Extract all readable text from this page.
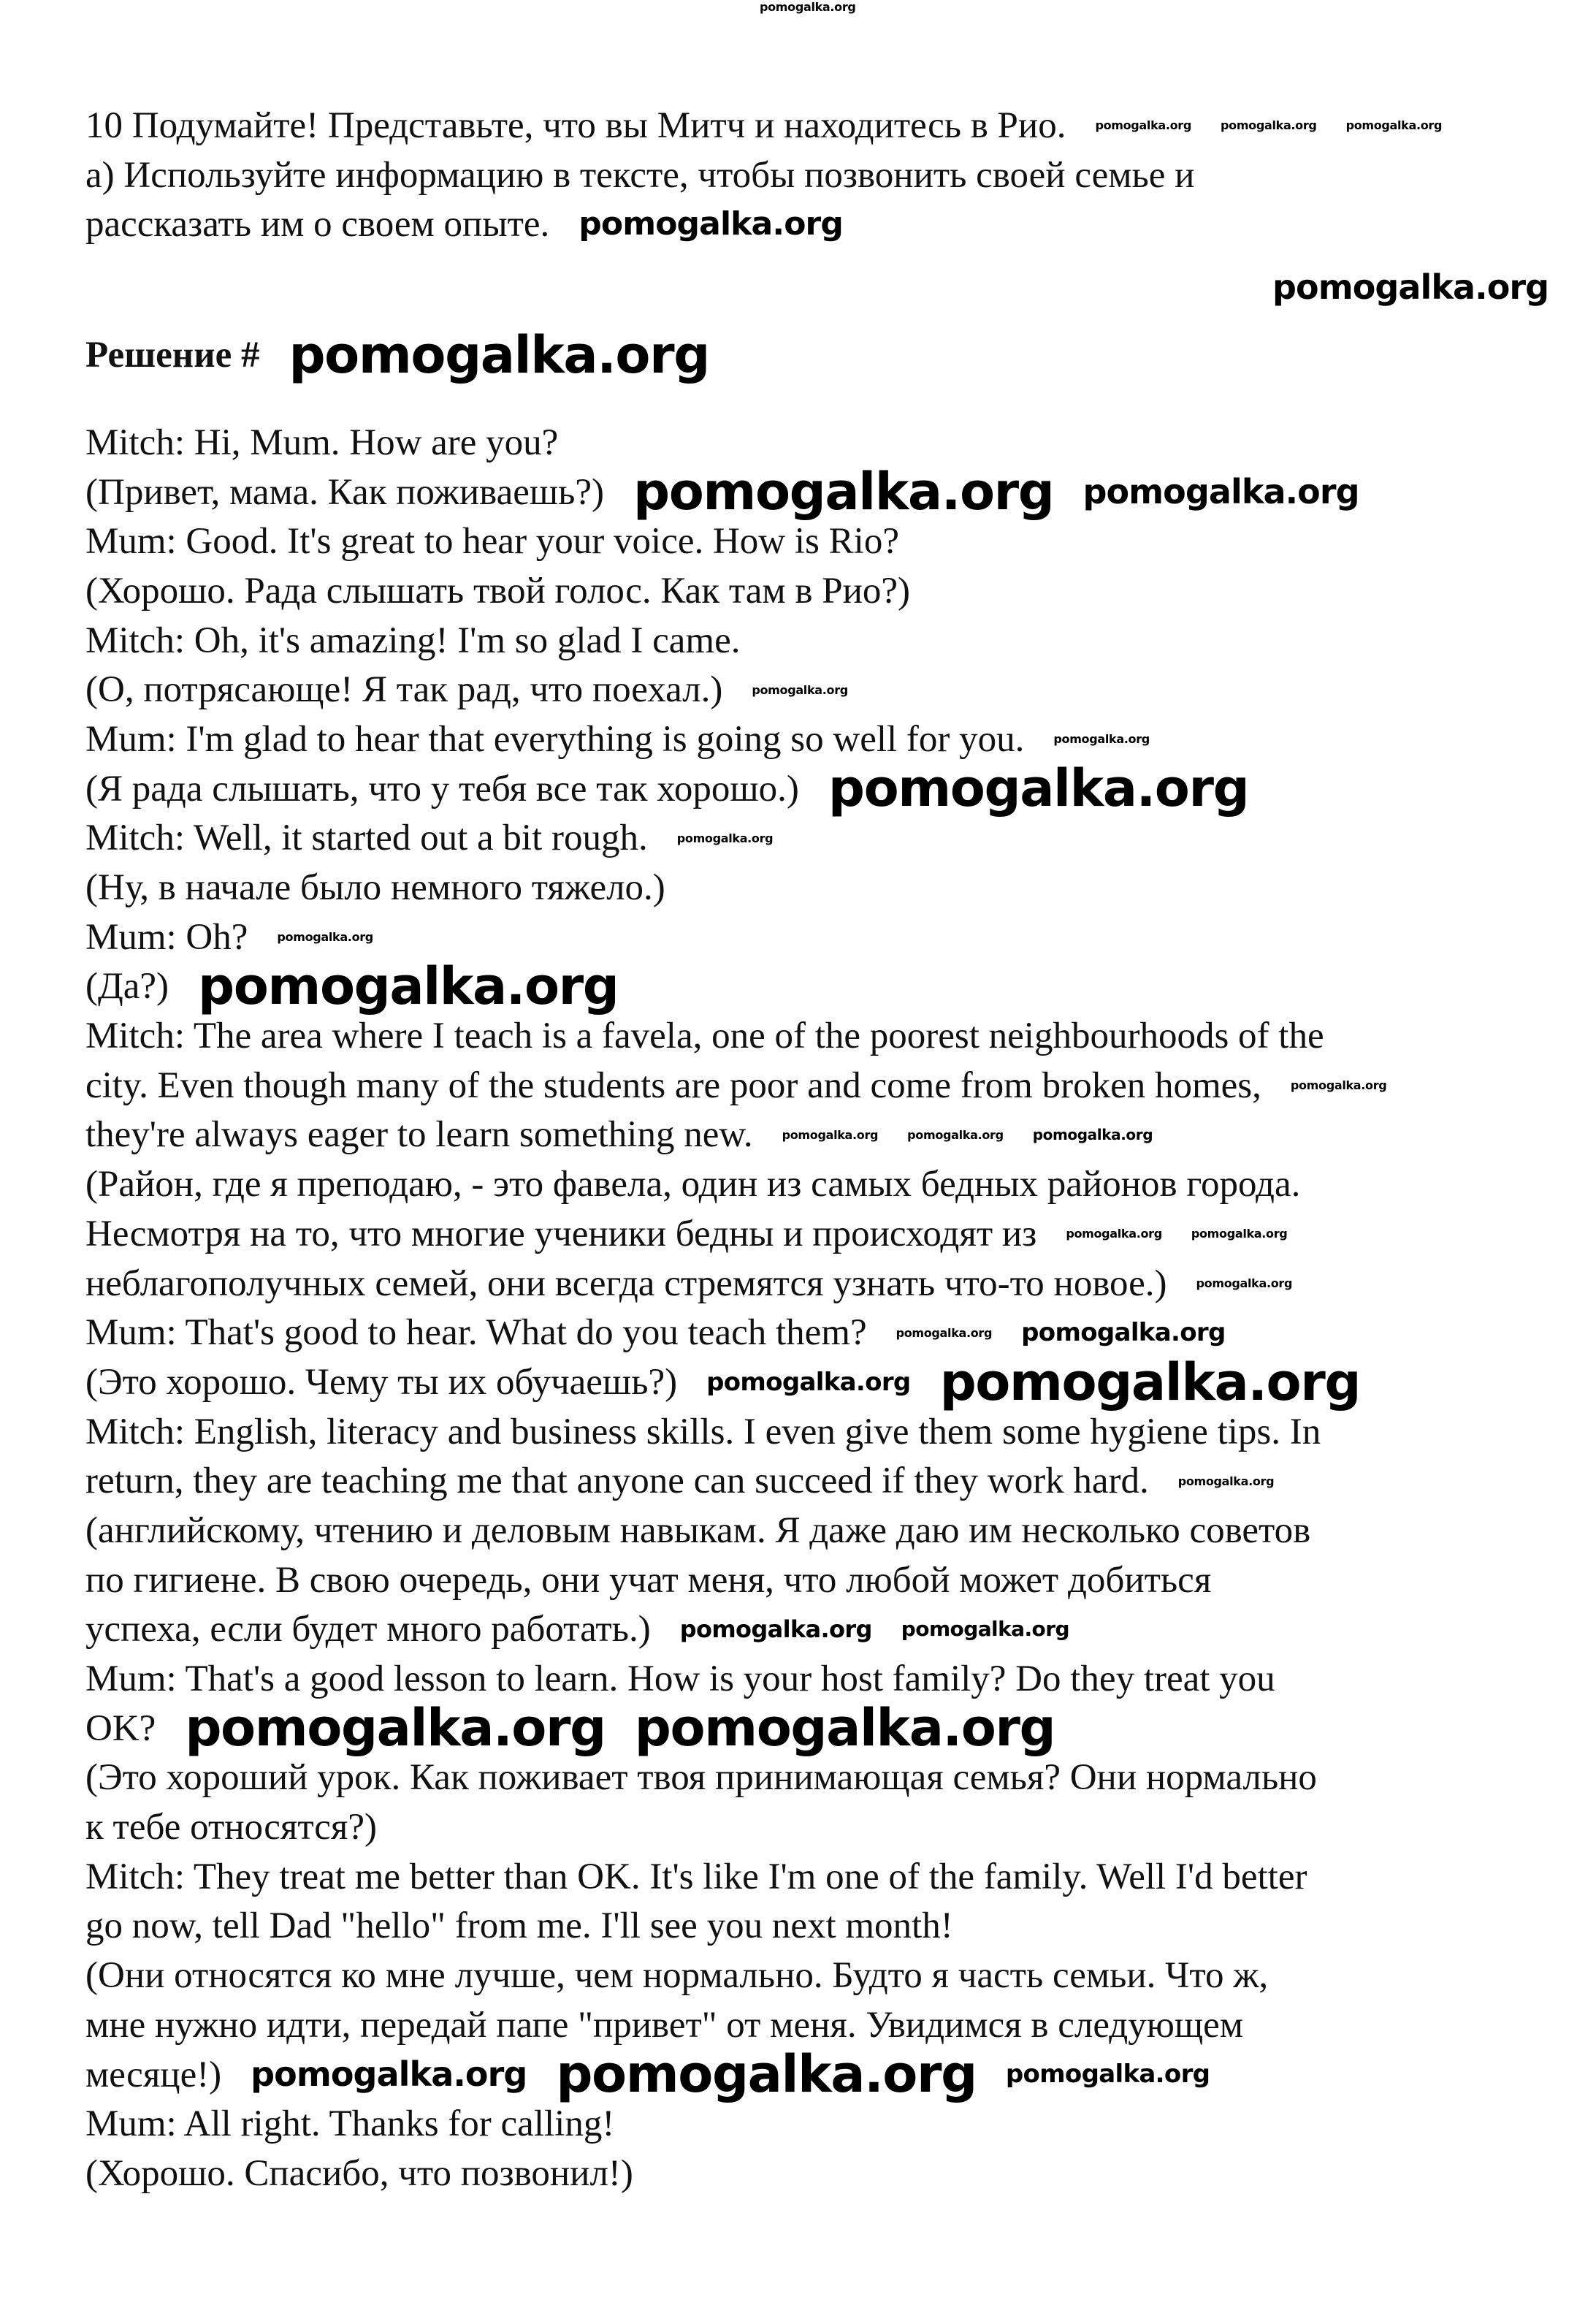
10 Подумайте! Представьте, что вы Митч и находитесь в Рио.	pomogalka.org	pomogalka.org	pomogalka.org
a) Используйте информацию в тексте, чтобы позвонить своей семье и
рассказать им о своем опыте. pomogalka.org
Решение # pomogalka.org
Mitch: Hi, Mum. How are you?
(Привет, мама. Как поживаешь?) pomogalka.org pomogalka.org
Mum: Good. It's great to hear your voice. How is Rio?
(Хорошо. Рада слышать твой голос. Как там в Рио?)
Mitch: Oh, it's amazing! I'm so glad I came.
(О, потрясающе! Я так рад, что поехал.)	pomogalka.org
Mum: I'm glad to hear that everything is going so well for you.	pomogalka.org
(Я рада слышать, что у тебя все так хорошо.) pomogalka.org
Mitch: Well, it started out a bit rough.	pomogalka.org
(Ну, в начале было немного тяжело.)
Mum: Oh?	pomogalka.org
(Да?) pomogalka.org
Mitch: The area where I teach is a favela, one of the poorest neighbourhoods of the
city. Even though many of the students are poor and come from broken homes,	pomogalka.org
they're always eager to learn something new.	pomogalka.org	pomogalka.org pomogalka.org
(Район, где я преподаю, - это фавела, один из самых бедных районов города.
Несмотря на то, что многие ученики бедны и происходят из	pomogalka.org	pomogalka.org
неблагополучных семей, они всегда стремятся узнать что-то новое.)	pomogalka.org
Mum: That's good to hear. What do you teach them?	pomogalka.org pomogalka.org
(Это хорошо. Чему ты их обучаешь?) pomogalka.org pomogalka.org
Mitch: English, literacy and business skills. I even give them some hygiene tips. In
return, they are teaching me that anyone can succeed if they work hard.	pomogalka.org
(английскому, чтению и деловым навыкам. Я даже даю им несколько советов
по гигиене. В свою очередь, они учат меня, что любой может добиться
успеха, если будет много работать.) pomogalka.org pomogalka.org
Mum: That's a good lesson to learn. How is your host family? Do they treat you
OK? pomogalka.org pomogalka.org
(Это хороший урок. Как поживает твоя принимающая семья? Они нормально
к тебе относятся?)
Mitch: They treat me better than OK. It's like I'm one of the family. Well I'd better
go now, tell Dad "hello" from me. I'll see you next month!
(Они относятся ко мне лучше, чем нормально. Будто я часть семьи. Что ж,
мне нужно идти, передай папе "привет" от меня. Увидимся в следующем
месяце!) pomogalka.org pomogalka.org pomogalka.org
Mum: All right. Thanks for calling!
(Хорошо. Спасибо, что позвонил!)
pomogalka.org
pomogalka.org
